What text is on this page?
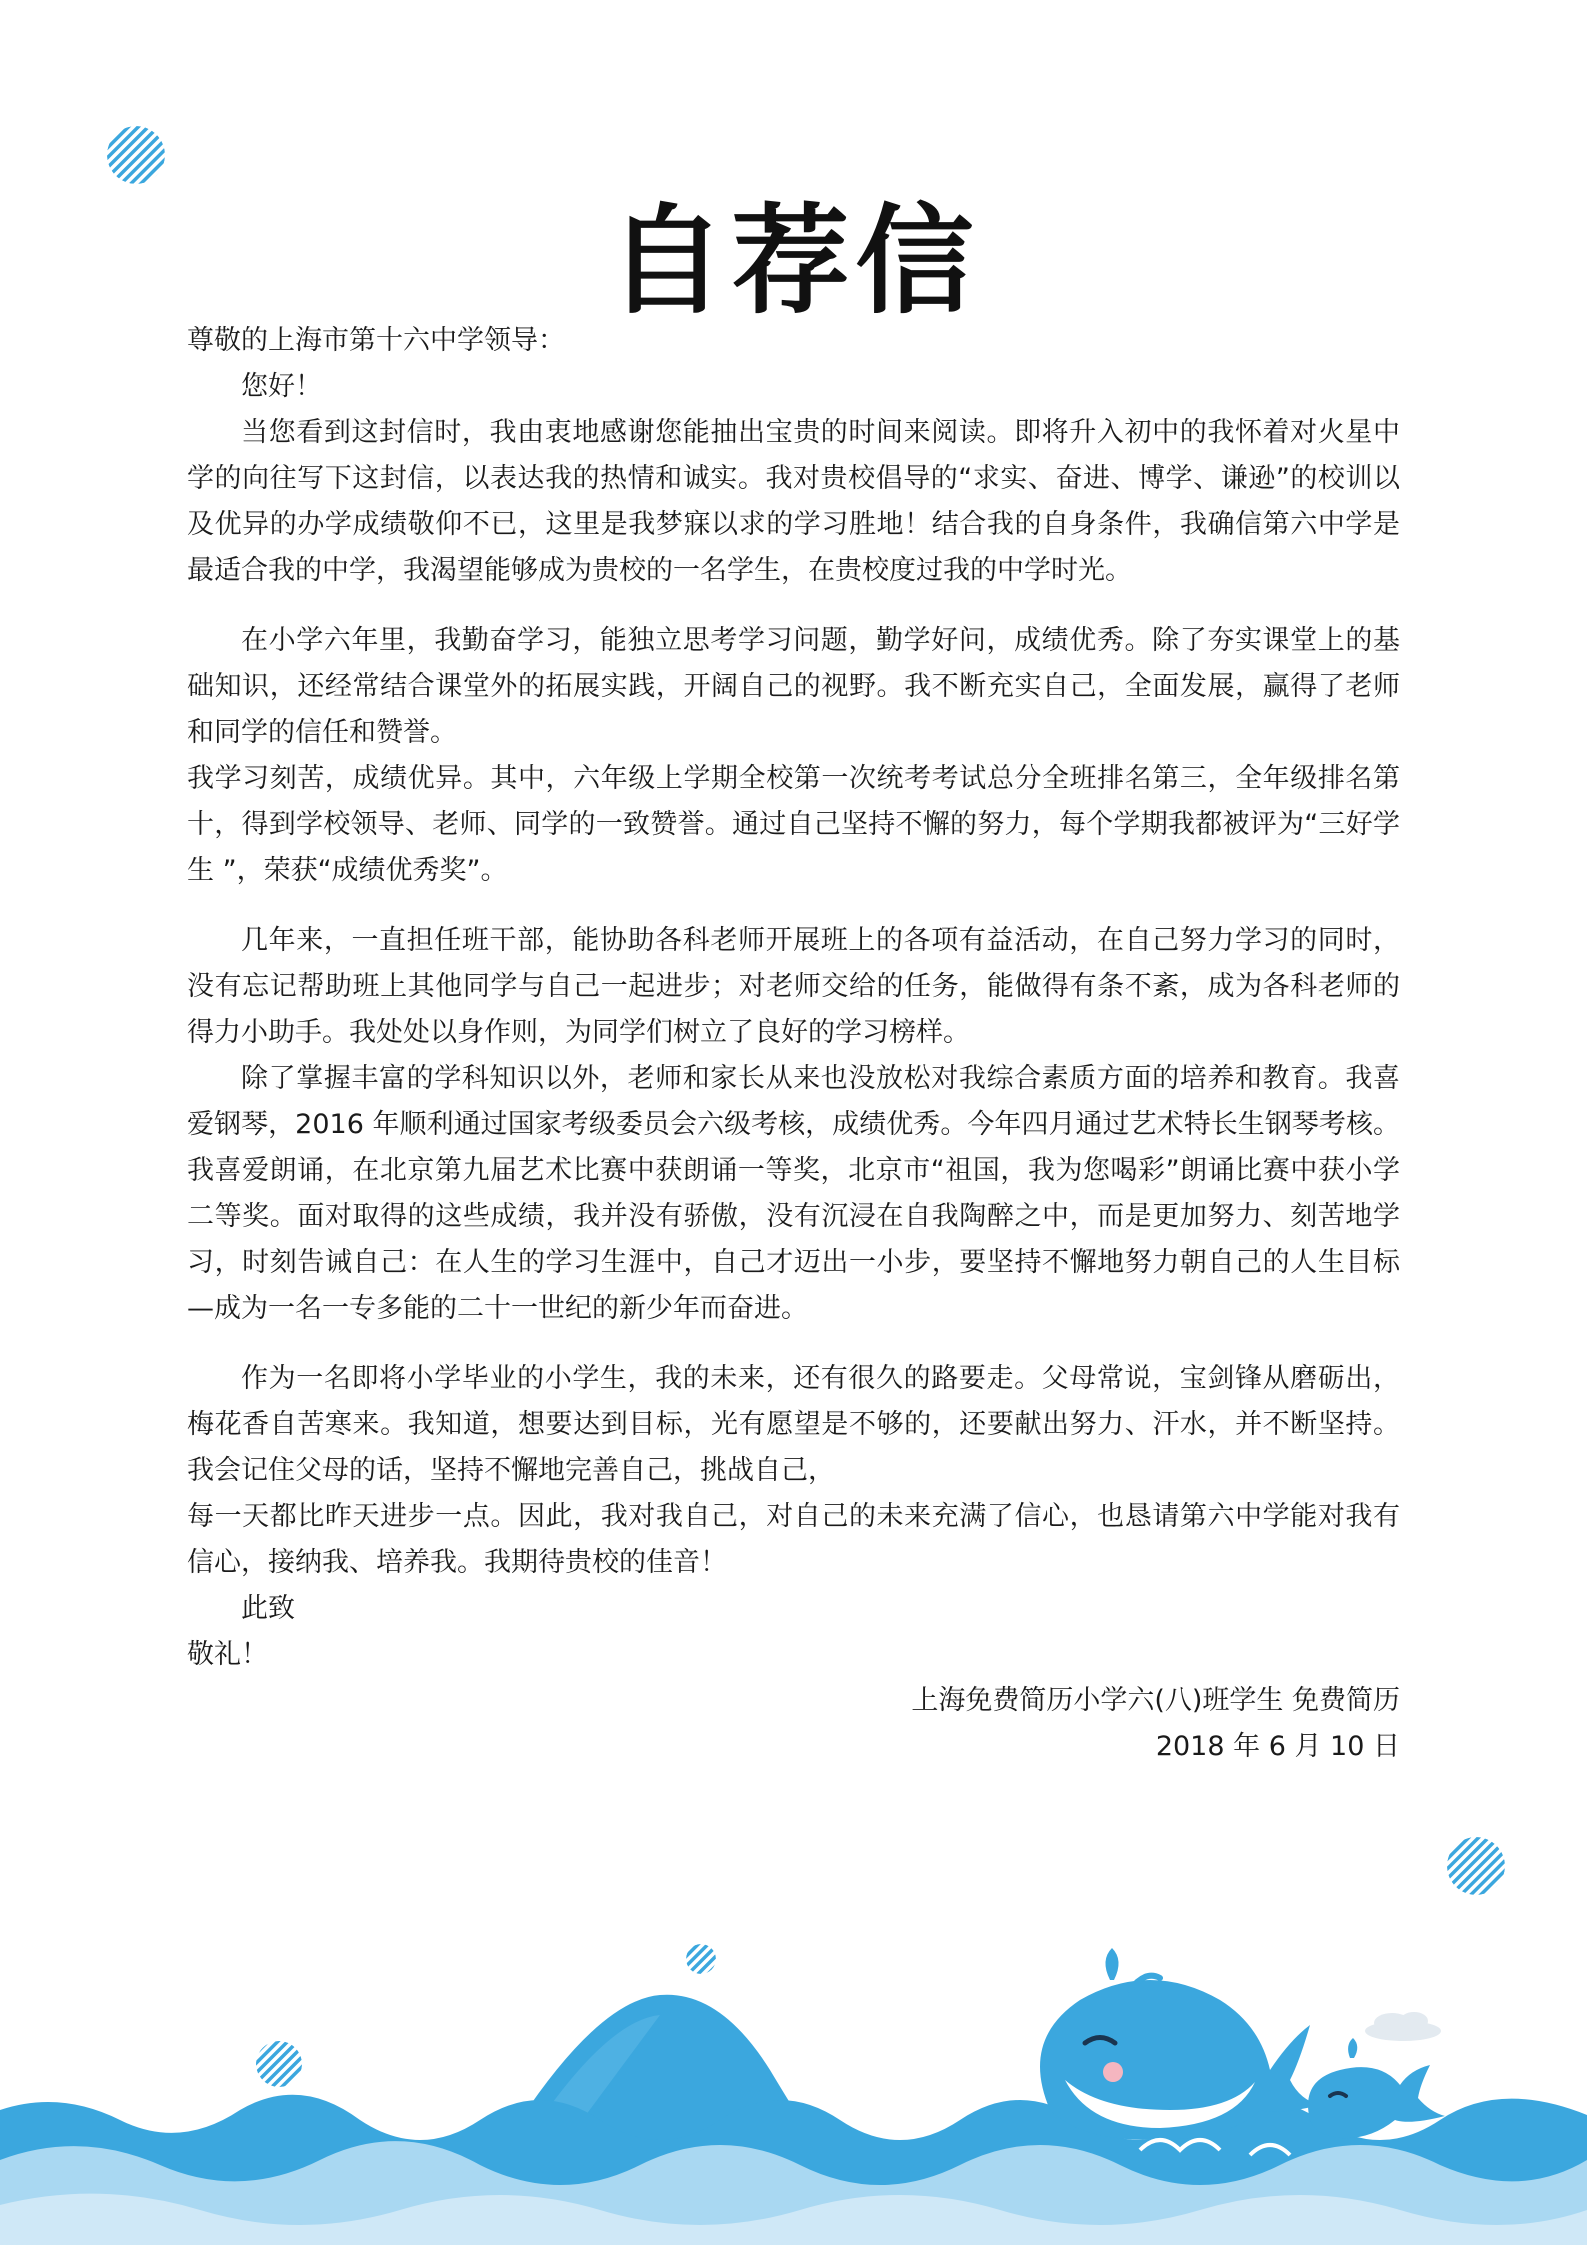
自荐信

尊敬的上海市第十六中学领导：

您好！

当您看到这封信时，我由衷地感谢您能抽出宝贵的时间来阅读。即将升入初中的我怀着对火星中学的向往写下这封信，以表达我的热情和诚实。我对贵校倡导的“求实、奋进、博学、谦逊”的校训以及优异的办学成绩敬仰不已，这里是我梦寐以求的学习胜地！结合我的自身条件，我确信第六中学是最适合我的中学，我渴望能够成为贵校的一名学生，在贵校度过我的中学时光。

在小学六年里，我勤奋学习，能独立思考学习问题，勤学好问，成绩优秀。除了夯实课堂上的基础知识，还经常结合课堂外的拓展实践，开阔自己的视野。我不断充实自己，全面发展，赢得了老师和同学的信任和赞誉。

我学习刻苦，成绩优异。其中，六年级上学期全校第一次统考考试总分全班排名第三，全年级排名第十，得到学校领导、老师、同学的一致赞誉。通过自己坚持不懈的努力，每个学期我都被评为“三好学生 ”，荣获“成绩优秀奖”。

几年来，一直担任班干部，能协助各科老师开展班上的各项有益活动，在自己努力学习的同时，没有忘记帮助班上其他同学与自己一起进步；对老师交给的任务，能做得有条不紊，成为各科老师的得力小助手。我处处以身作则，为同学们树立了良好的学习榜样。

除了掌握丰富的学科知识以外，老师和家长从来也没放松对我综合素质方面的培养和教育。我喜爱钢琴，2016 年顺利通过国家考级委员会六级考核，成绩优秀。今年四月通过艺术特长生钢琴考核。我喜爱朗诵，在北京第九届艺术比赛中获朗诵一等奖，北京市“祖国，我为您喝彩”朗诵比赛中获小学二等奖。面对取得的这些成绩，我并没有骄傲，没有沉浸在自我陶醉之中，而是更加努力、刻苦地学习，时刻告诫自己：在人生的学习生涯中，自己才迈出一小步，要坚持不懈地努力朝自己的人生目标—成为一名一专多能的二十一世纪的新少年而奋进。

作为一名即将小学毕业的小学生，我的未来，还有很久的路要走。父母常说，宝剑锋从磨砺出，梅花香自苦寒来。我知道，想要达到目标，光有愿望是不够的，还要献出努力、汗水，并不断坚持。我会记住父母的话，坚持不懈地完善自己，挑战自己，

每一天都比昨天进步一点。因此，我对我自己，对自己的未来充满了信心，也恳请第六中学能对我有信心，接纳我、培养我。我期待贵校的佳音！

此致

敬礼！

上海免费简历小学六(八)班学生 免费简历

2018 年 6 月 10 日
